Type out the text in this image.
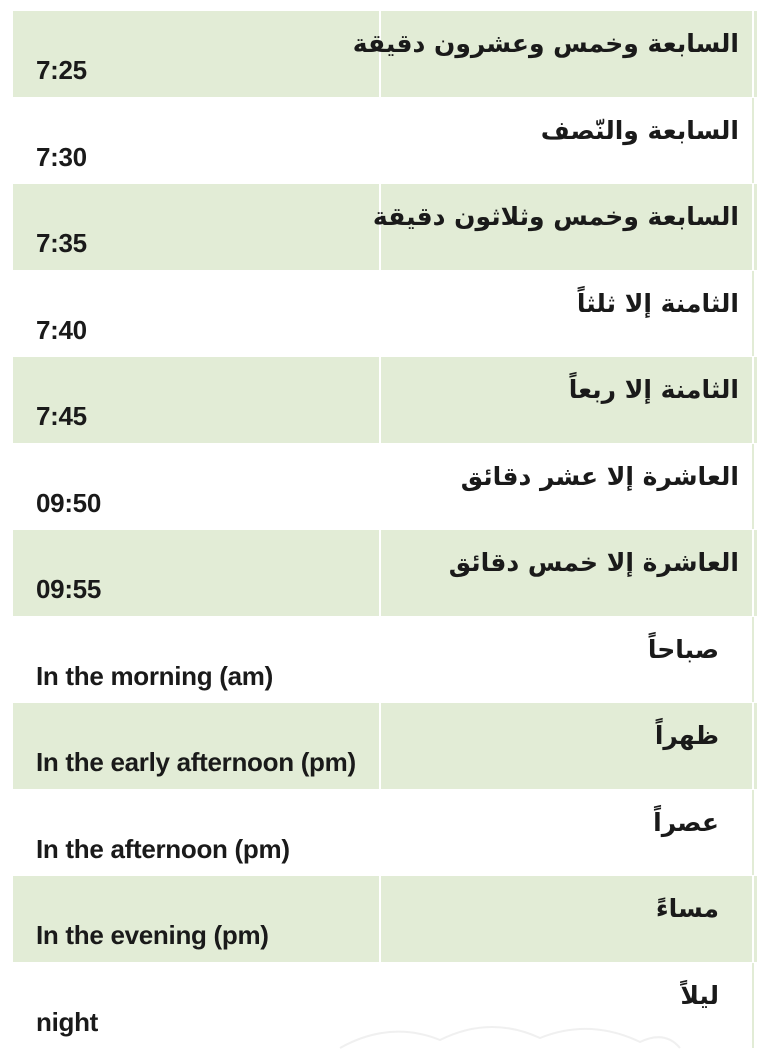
7:25
السابعة وخمس وعشرون دقيقة
7:30
السابعة والنّصف
7:35
السابعة وخمس وثلاثون دقيقة
7:40
الثامنة إلا ثلثاً
7:45
الثامنة إلا ربعاً
09:50
العاشرة إلا عشر دقائق
09:55
العاشرة إلا خمس دقائق
In the morning (am)
صباحاً
In the early afternoon (pm)
ظهراً
In the afternoon (pm)
عصراً
In the evening (pm)
مساءً
night
ليلاً
